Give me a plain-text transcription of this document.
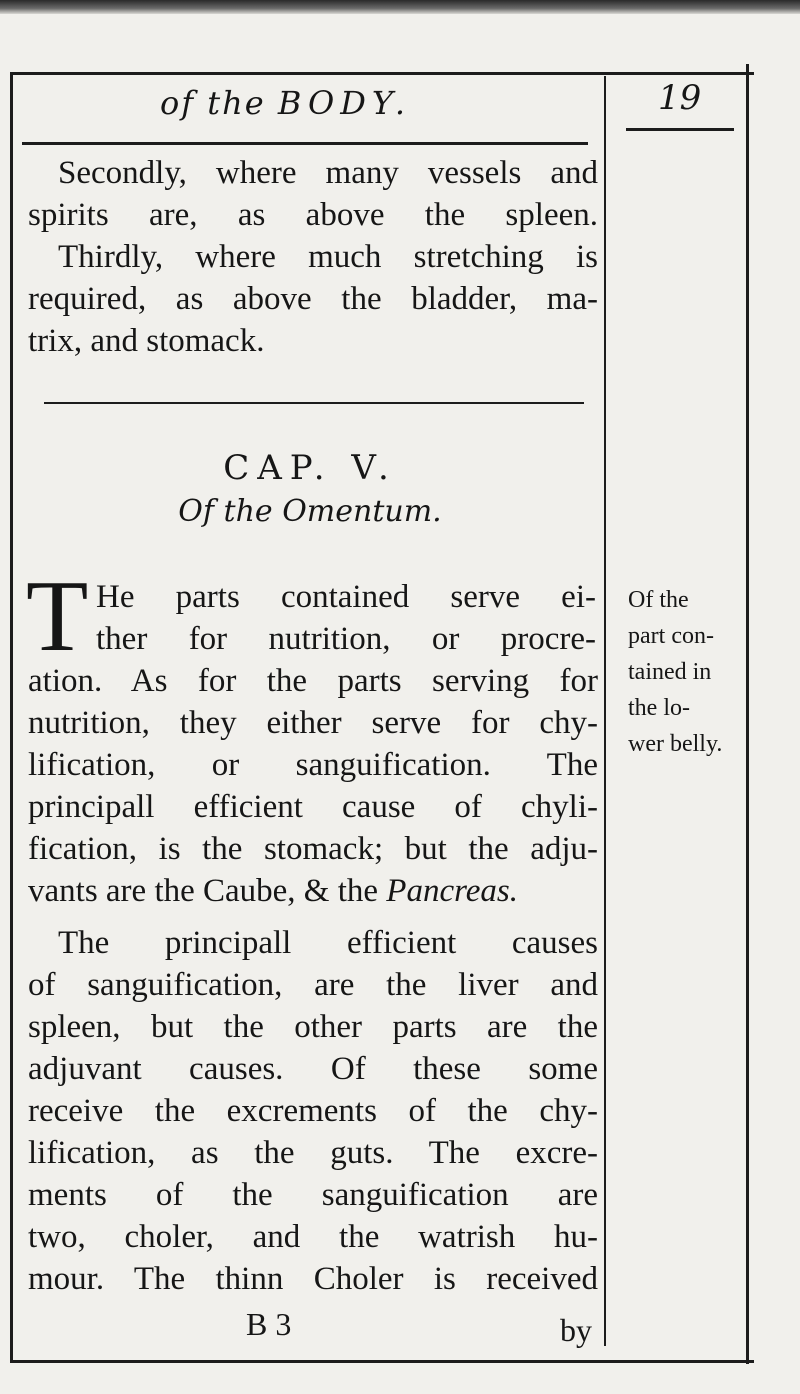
of the BODY.	19
Secondly, where many vessels and
spirits are, as above the spleen.
Thirdly, where much stretching is
required, as above the bladder, ma-
trix, and stomack.
CAP. V.
Of the Omentum.
T He parts contained serve ei-
ther for nutrition, or procre-
ation. As for the parts serving for
nutrition, they either serve for chy-
lification, or sanguification. The
principall efficient cause of chyli-
fication, is the stomack; but the adju-
vants are the Caube, & the Pancreas.
The principall efficient causes
of sanguification, are the liver and
spleen, but the other parts are the
adjuvant causes. Of these some
receive the excrements of the chy-
lification, as the guts. The excre-
ments of the sanguification are
two, choler, and the watrish hu-
mour. The thinn Choler is received
Of the
part con-
tained in
the lo-
wer belly.
B 3	by
